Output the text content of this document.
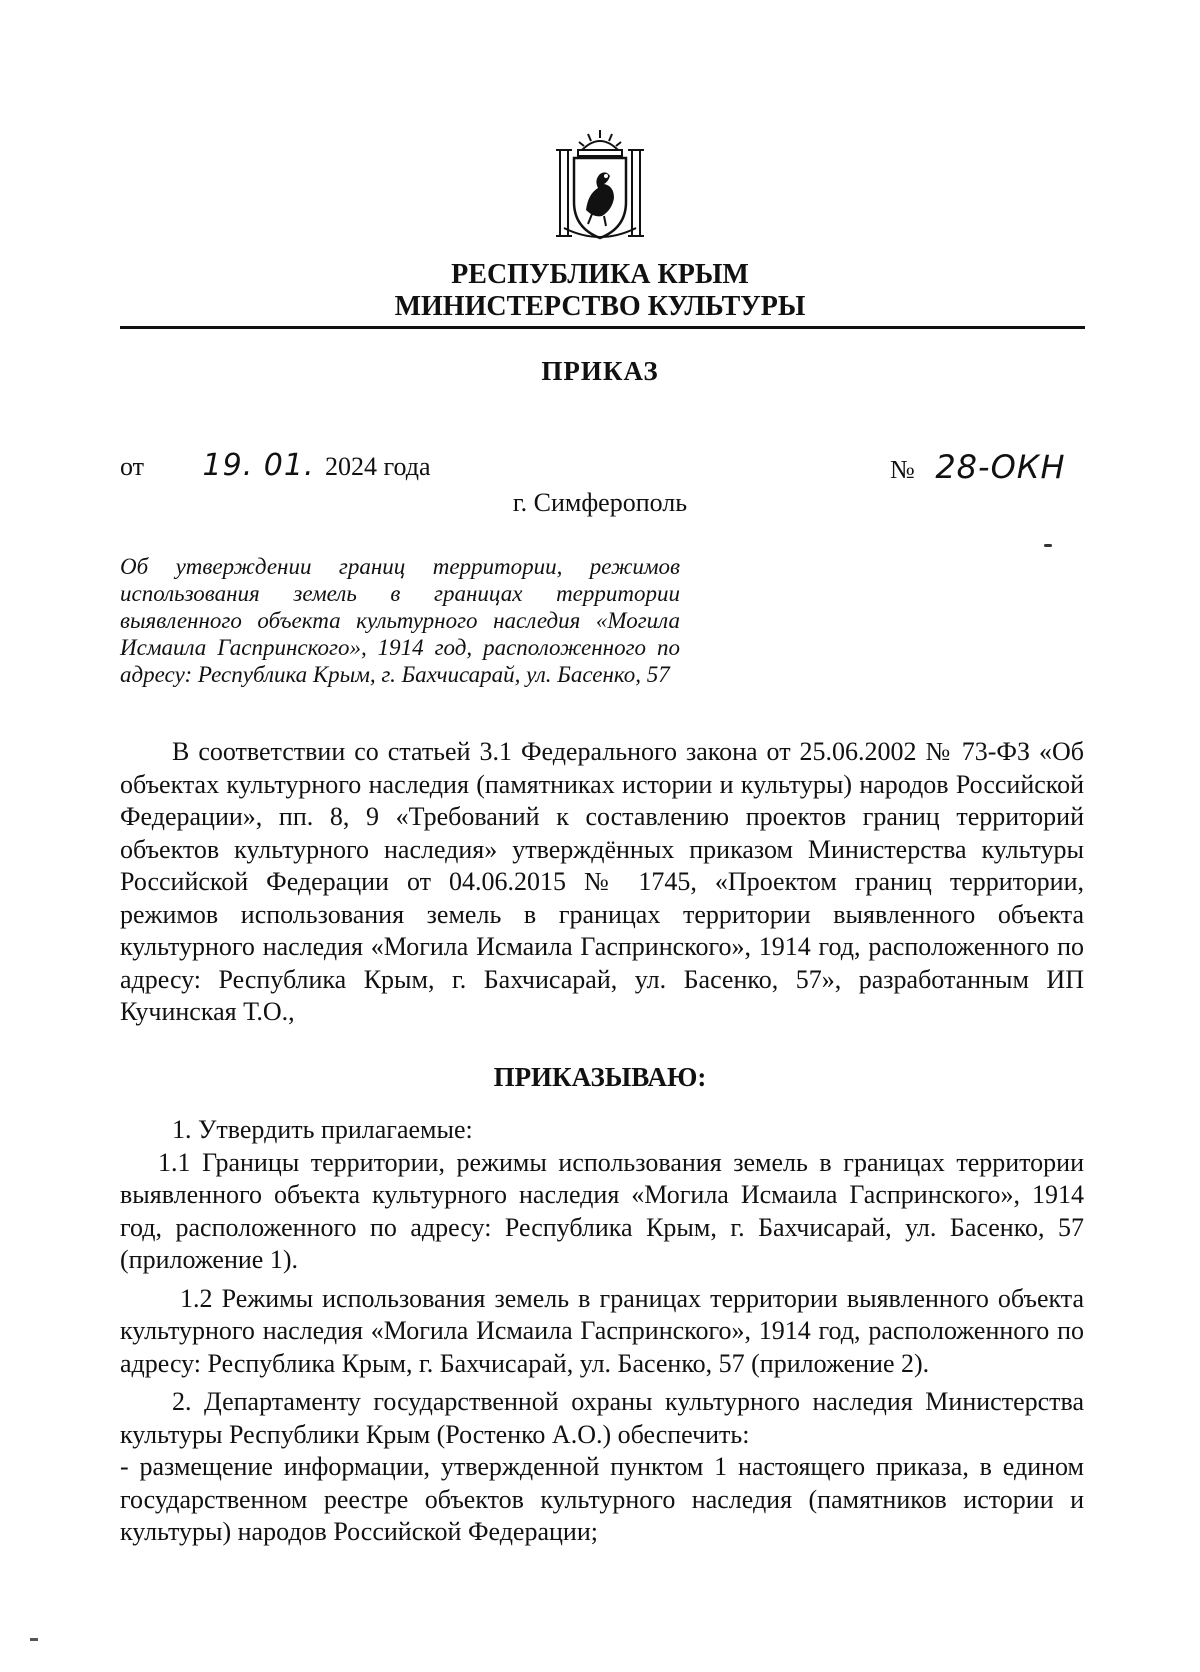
РЕСПУБЛИКА КРЫМ
МИНИСТЕРСТВО КУЛЬТУРЫ
ПРИКАЗ
от 19. 01. 2024 года	№ 28-ОКН
г. Симферополь

Об утверждении границ территории, режимов

использования земель в границах территории

выявленного объекта культурного наследия «Могила

Исмаила Гаспринского», 1914 год, расположенного по

адресу: Республика Крым, г. Бахчисарай, ул. Басенко, 57

В соответствии со статьей 3.1 Федерального закона от 25.06.2002 № 73-ФЗ «Об объектах культурного наследия (памятниках истории и культуры) народов Российской Федерации», пп. 8, 9 «Требований к составлению проектов границ территорий объектов культурного наследия» утверждённых приказом Министерства культуры Российской Федерации от 04.06.2015 № 1745, «Проектом границ территории, режимов использования земель в границах территории выявленного объекта культурного наследия «Могила Исмаила Гаспринского», 1914 год, расположенного по адресу: Республика Крым, г. Бахчисарай, ул. Басенко, 57», разработанным ИП Кучинская Т.О.,

ПРИКАЗЫВАЮ:

1. Утвердить прилагаемые:

1.1 Границы территории, режимы использования земель в границах территории выявленного объекта культурного наследия «Могила Исмаила Гаспринского», 1914 год, расположенного по адресу: Республика Крым, г. Бахчисарай, ул. Басенко, 57 (приложение 1).

1.2 Режимы использования земель в границах территории выявленного объекта культурного наследия «Могила Исмаила Гаспринского», 1914 год, расположенного по адресу: Республика Крым, г. Бахчисарай, ул. Басенко, 57 (приложение 2).

2. Департаменту государственной охраны культурного наследия Министерства культуры Республики Крым (Ростенко А.О.) обеспечить:

- размещение информации, утвержденной пунктом 1 настоящего приказа, в едином государственном реестре объектов культурного наследия (памятников истории и культуры) народов Российской Федерации;
